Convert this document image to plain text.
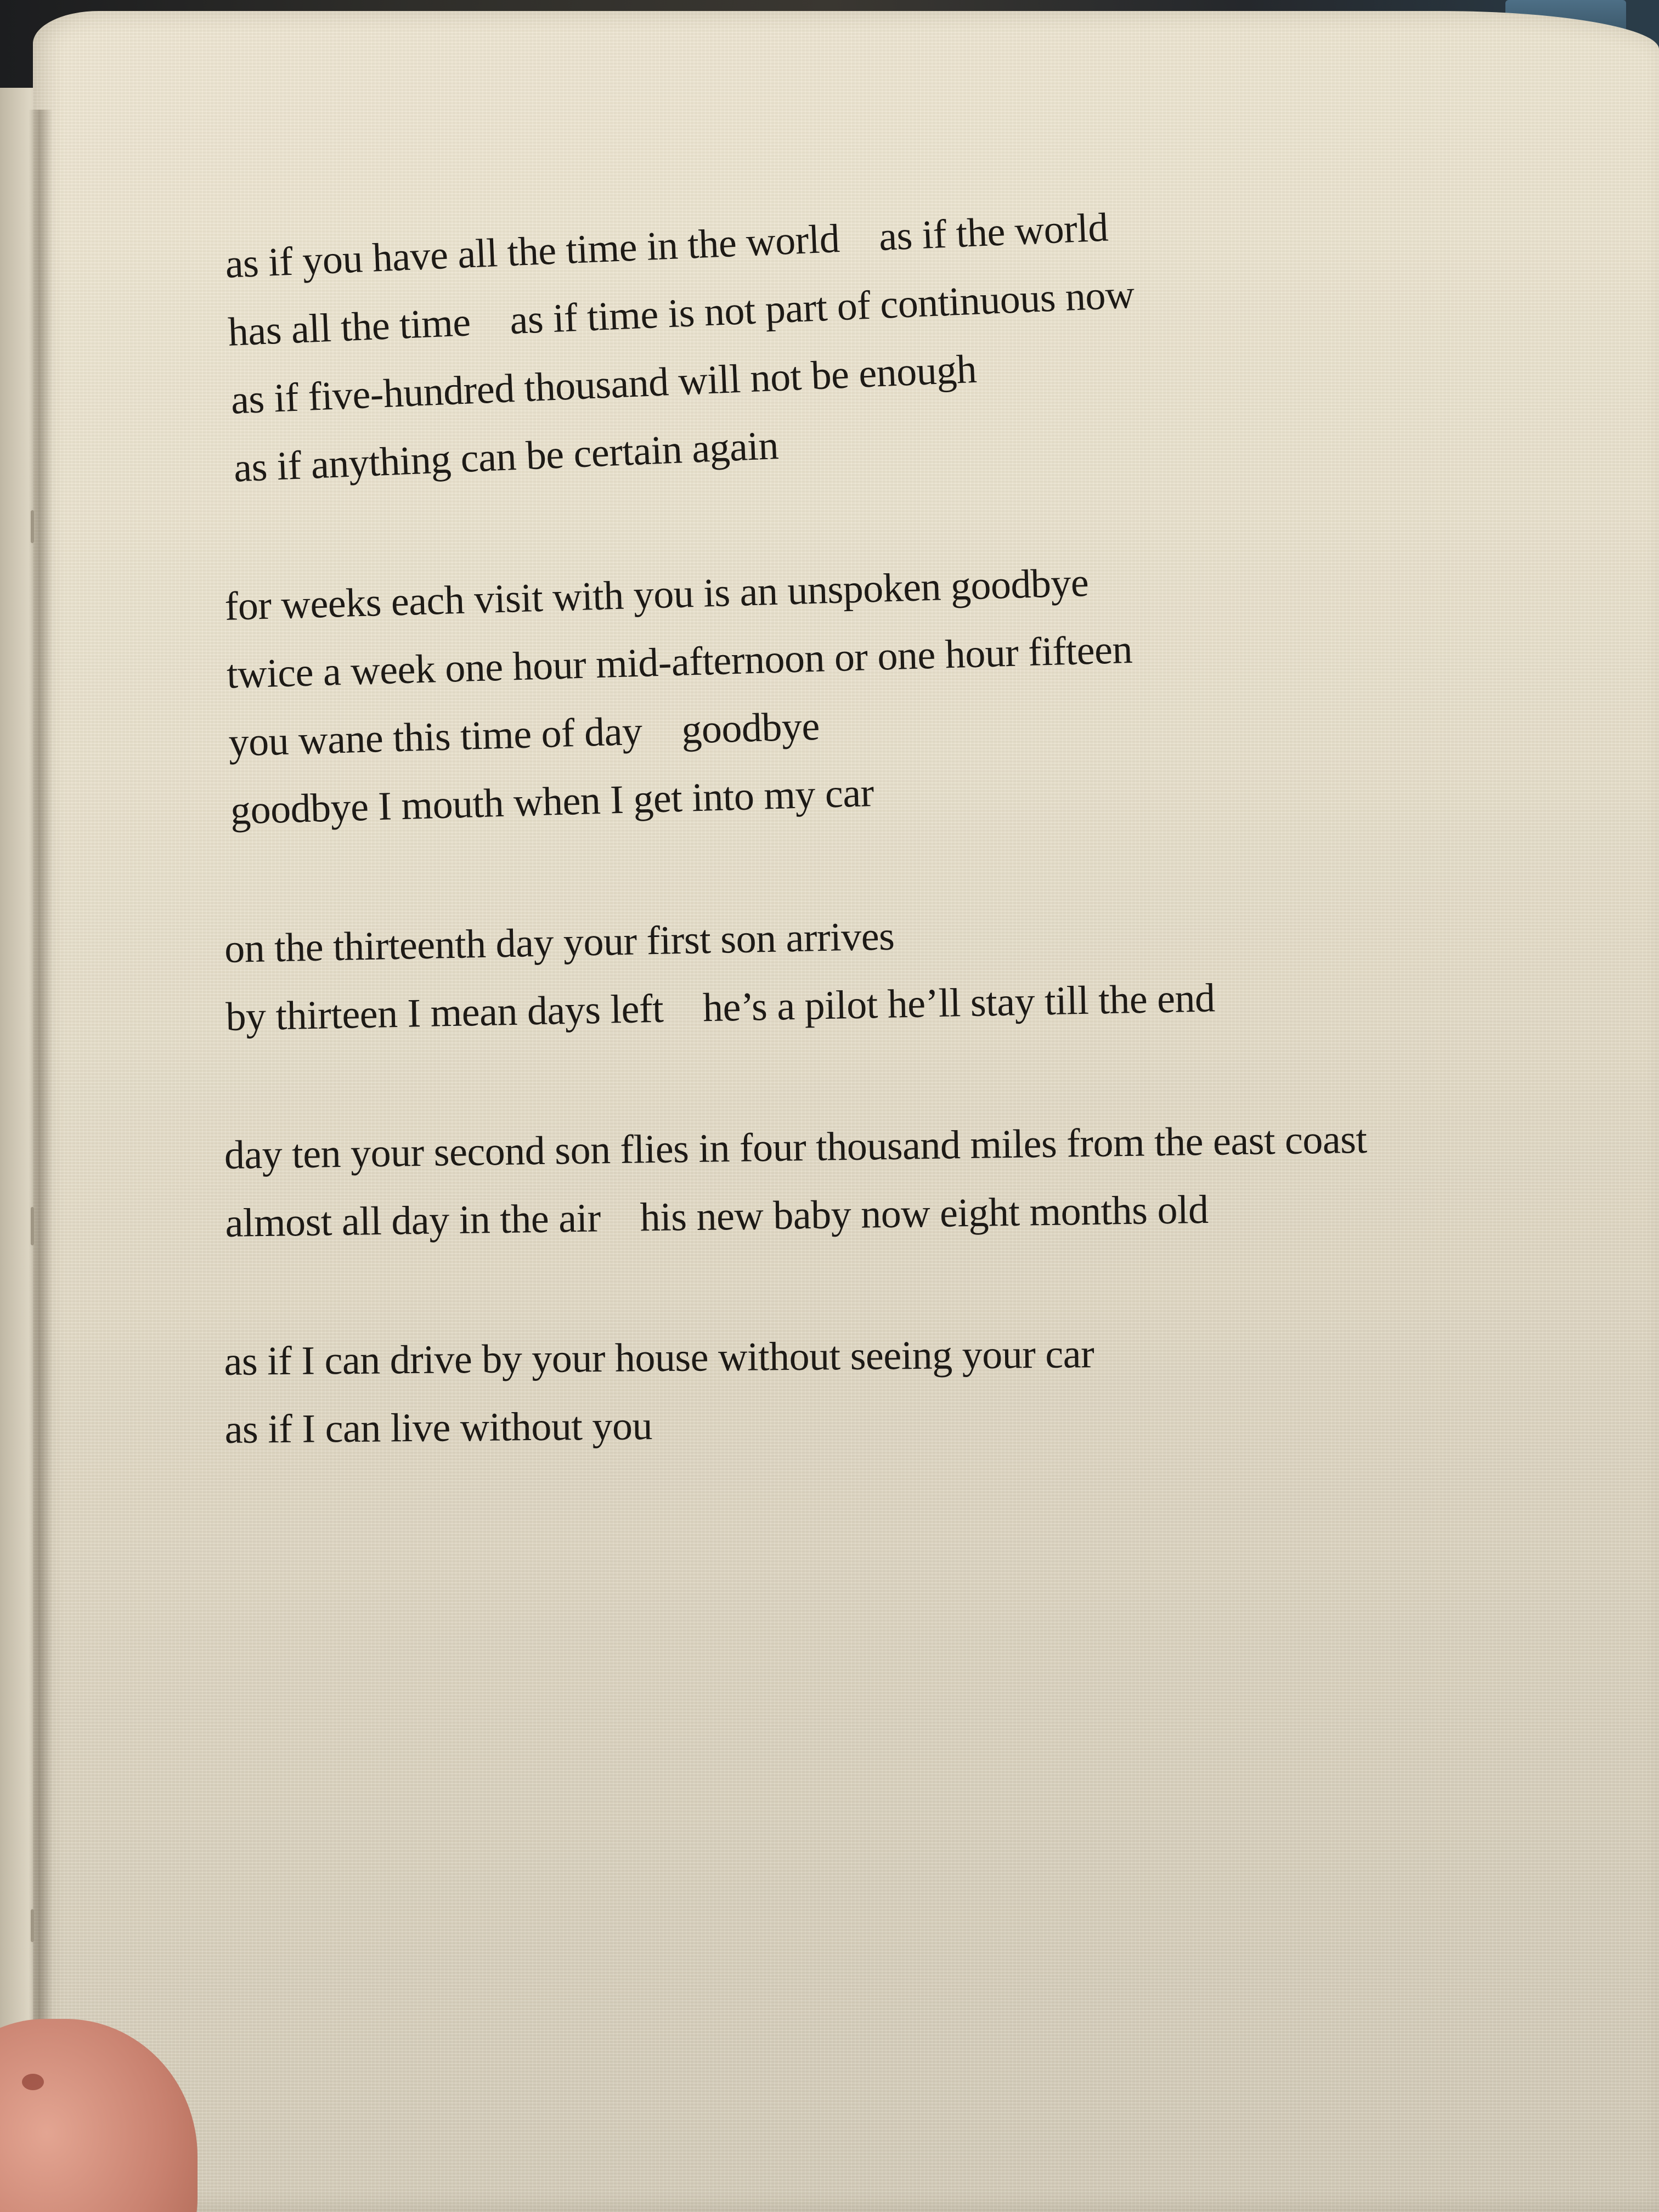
as if you have all the time in the world    as if the world
has all the time    as if time is not part of continuous now
as if five-hundred thousand will not be enough
as if anything can be certain again
for weeks each visit with you is an unspoken goodbye
twice a week one hour mid-afternoon or one hour fifteen
you wane this time of day    goodbye
goodbye I mouth when I get into my car
on the thirteenth day your first son arrives
by thirteen I mean days left    he’s a pilot he’ll stay till the end
day ten your second son flies in four thousand miles from the east coast
almost all day in the air    his new baby now eight months old
as if I can drive by your house without seeing your car
as if I can live without you
